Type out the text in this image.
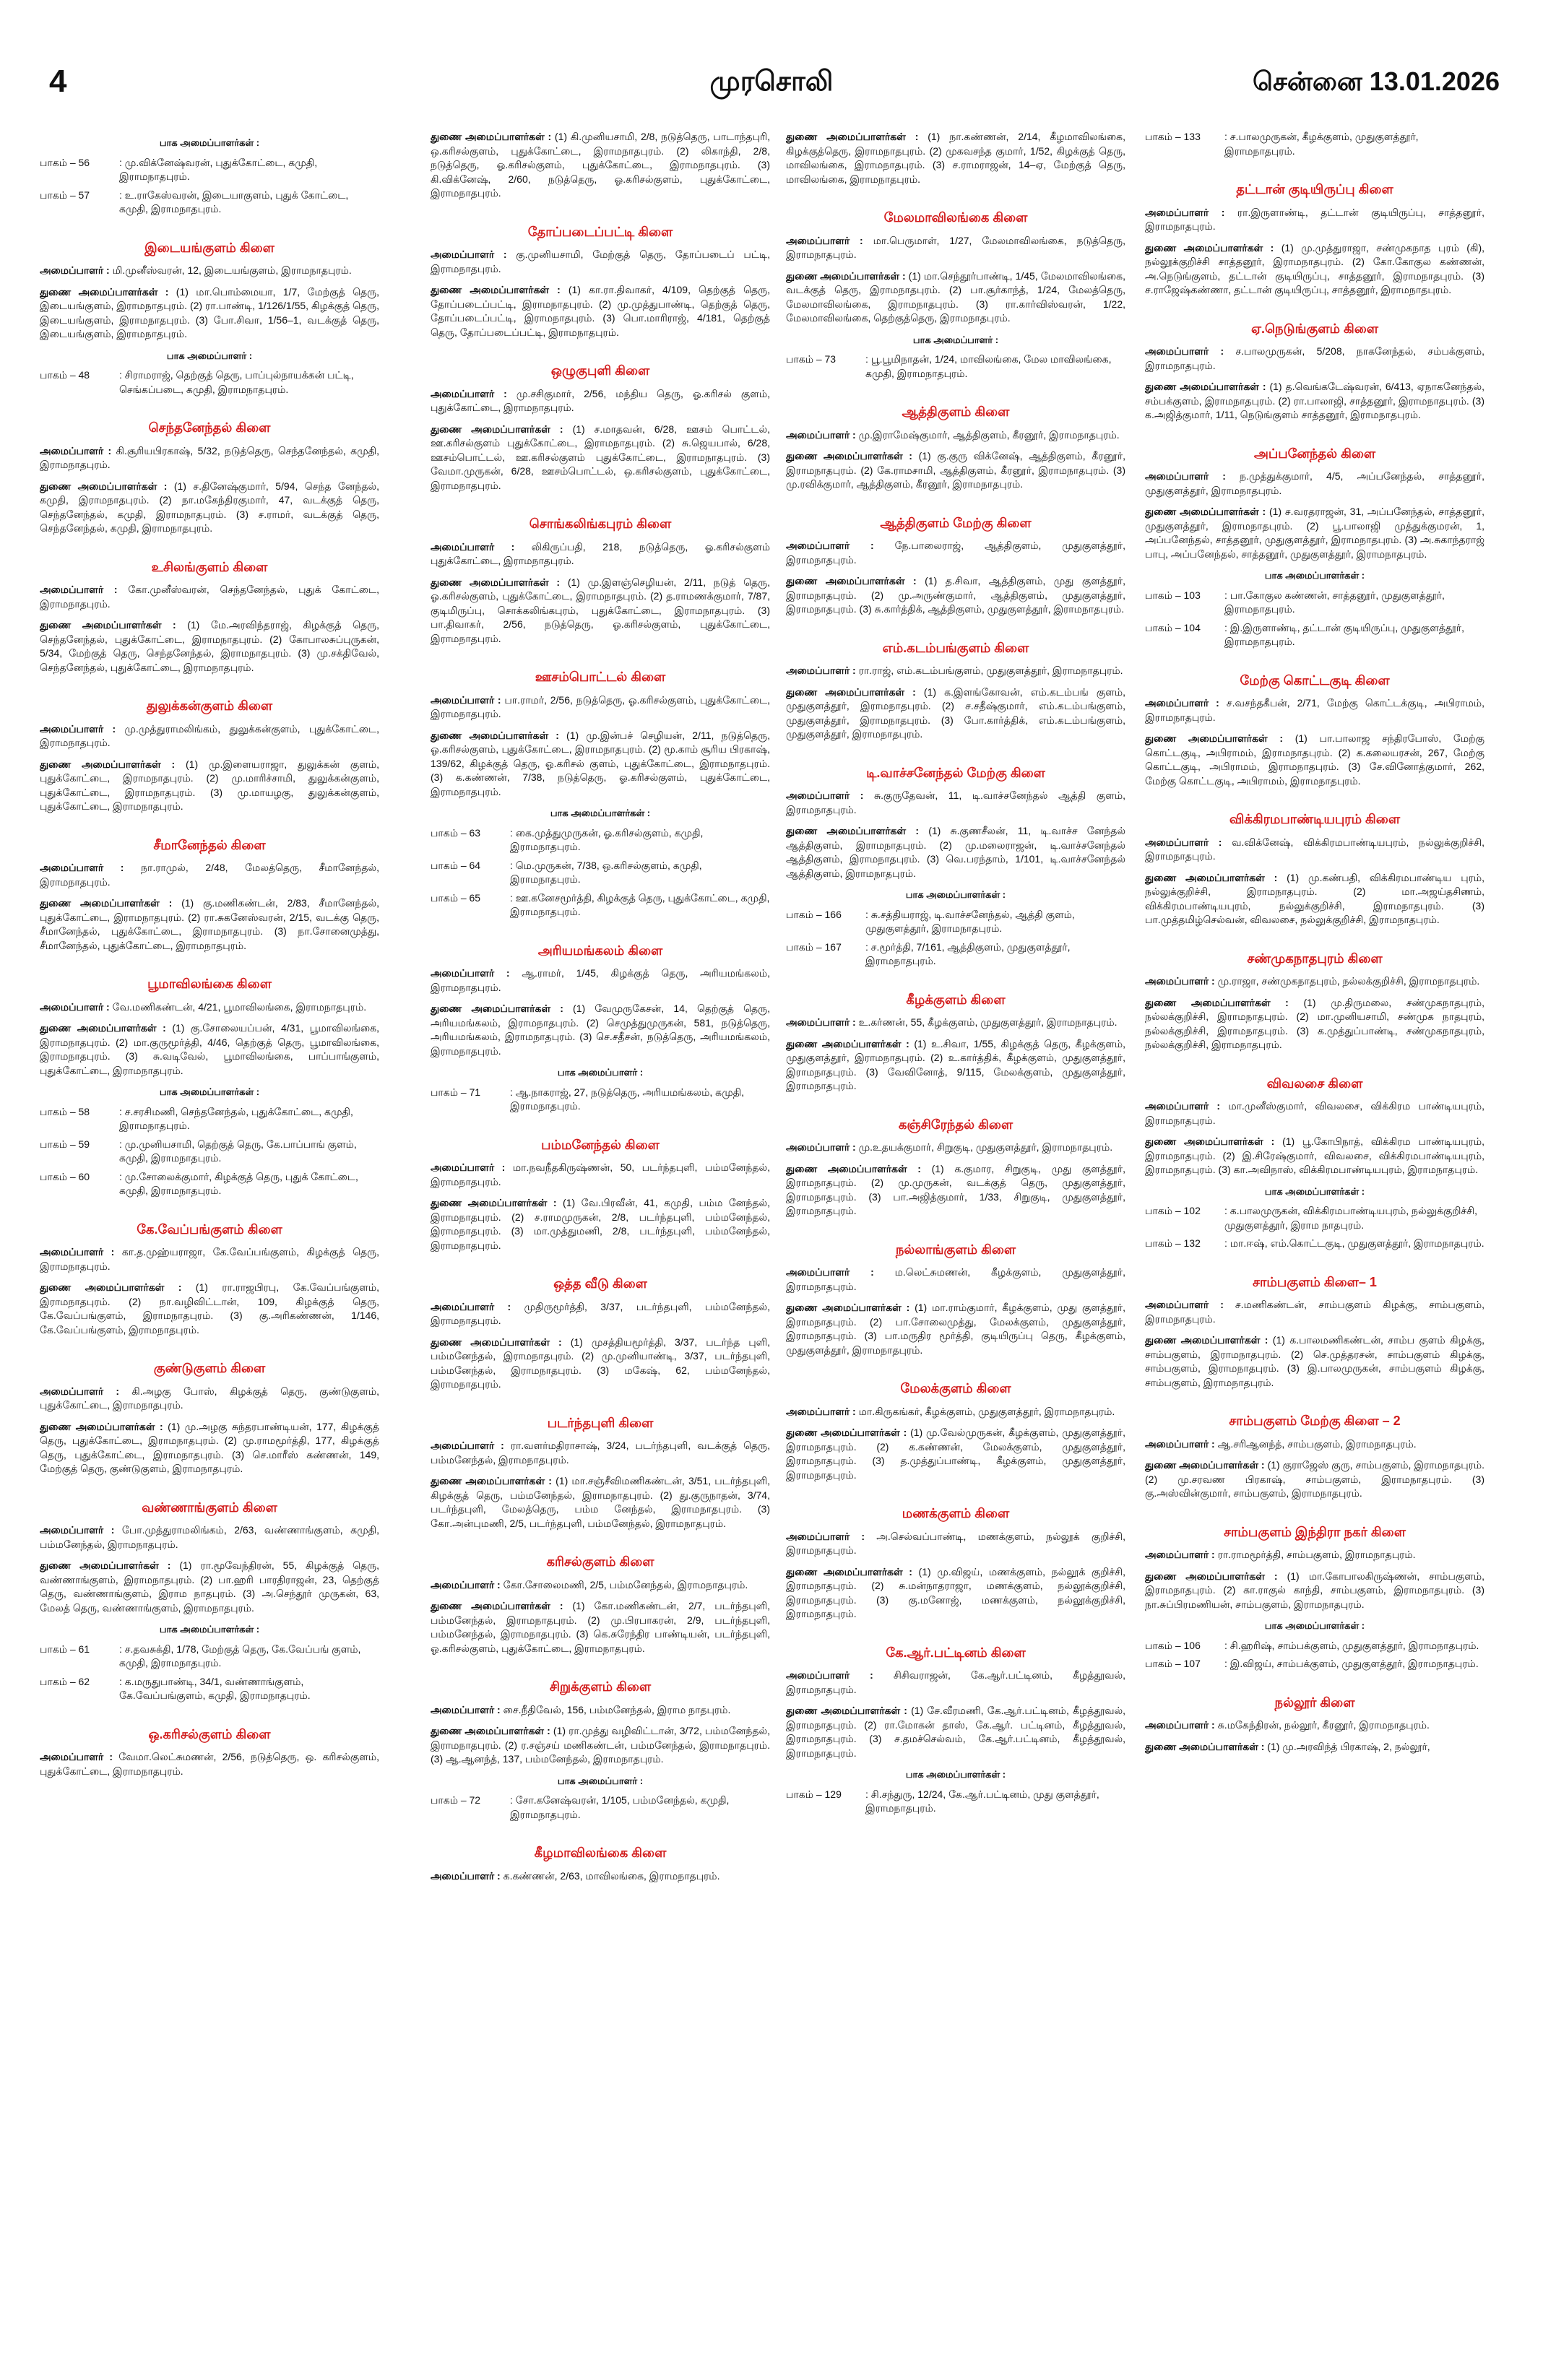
4	முரசொலி	சென்னை 13.01.2026
பாக அமைப்பாளர்கள் :
பாகம் – 56	: மு.விக்னேஷ்வரன், புதுக்கோட்டை, கமுதி, இராமநாதபுரம்.
பாகம் – 57	: உ.ராகேஸ்வரன், இடையாகுளம், புதுக் கோட்டை, கமுதி, இராமநாதபுரம்.
இடையங்குளம் கிளை

அமைப்பாளர் : மி.முனீஸ்வரன், 12, இடையங்குளம், இராமநாதபுரம்.

துணை அமைப்பாளர்கள் : (1) மா.பொம்மையா, 1/7, மேற்குத் தெரு, இடையங்குளம், இராமநாதபுரம். (2) ரா.பாண்டி, 1/126/1/55, கிழக்குத் தெரு, இடையங்குளம், இராமநாதபுரம். (3) போ.சிவா, 1/56–1, வடக்குத் தெரு, இடையங்குளம், இராமநாதபுரம்.

பாக அமைப்பாளர் :
பாகம் – 48	: சிராமராஜ், தெற்குத் தெரு, பாப்புல்நாயக்கன் பட்டி, செங்கப்படை, கமுதி, இராமநாதபுரம்.
செந்தனேந்தல் கிளை

அமைப்பாளர் : கி.சூரியபிரகாஷ், 5/32, நடுத்தெரு, செந்தனேந்தல், கமுதி, இராமநாதபுரம்.

துணை அமைப்பாளர்கள் : (1) ச.தினேஷ்குமார், 5/94, செந்த னேந்தல், கமுதி, இராமநாதபுரம். (2) நா.மகேந்திரகுமார், 47, வடக்குத் தெரு, செந்தனேந்தல், கமுதி, இராமநாதபுரம். (3) ச.ராமர், வடக்குத் தெரு, செந்தனேந்தல், கமுதி, இராமநாதபுரம்.

உசிலங்குளம் கிளை

அமைப்பாளர் : கோ.முனீஸ்வரன், செந்தனேந்தல், புதுக் கோட்டை, இராமநாதபுரம்.

துணை அமைப்பாளர்கள் : (1) மே.அரவிந்தராஜ், கிழக்குத் தெரு, செந்தனேந்தல், புதுக்கோட்டை, இராமநாதபுரம். (2) கோபாலசுப்புருகன், 5/34, மேற்குத் தெரு, செந்தனேந்தல், இராமநாதபுரம். (3) மு.சக்திவேல், செந்தனேந்தல், புதுக்கோட்டை, இராமநாதபுரம்.

துலுக்கன்குளம் கிளை

அமைப்பாளர் : மு.முத்துராமலிங்கம், துலுக்கன்குளம், புதுக்கோட்டை, இராமநாதபுரம்.

துணை அமைப்பாளர்கள் : (1) மு.இளையராஜா, துலுக்கன் குளம், புதுக்கோட்டை, இராமநாதபுரம். (2) மு.மாரிச்சாமி, துலுக்கன்குளம், புதுக்கோட்டை, இராமநாதபுரம். (3) மு.மாயழகு, துலுக்கன்குளம், புதுக்கோட்டை, இராமநாதபுரம்.

சீமானேந்தல் கிளை

அமைப்பாளர் : நா.ராமுல், 2/48, மேலத்தெரு, சீமானேந்தல், இராமநாதபுரம்.

துணை அமைப்பாளர்கள் : (1) கு.மணிகண்டன், 2/83, சீமானேந்தல், புதுக்கோட்டை, இராமநாதபுரம். (2) ரா.சுகனேஸ்வரன், 2/15, வடக்கு தெரு, சீமானேந்தல், புதுக்கோட்டை, இராமநாதபுரம். (3) நா.சோனைமுத்து, சீமானேந்தல், புதுக்கோட்டை, இராமநாதபுரம்.

பூமாவிலங்கை கிளை

அமைப்பாளர் : வே.மணிகண்டன், 4/21, பூமாவிலங்கை, இராமநாதபுரம்.

துணை அமைப்பாளர்கள் : (1) கு.சோலையப்பன், 4/31, பூமாவிலங்கை, இராமநாதபுரம். (2) மா.குருமூர்த்தி, 4/46, தெற்குத் தெரு, பூமாவிலங்கை, இராமநாதபுரம். (3) சு.வடிவேல், பூமாவிலங்கை, பாப்பாங்குளம், புதுக்கோட்டை, இராமநாதபுரம்.

பாக அமைப்பாளர்கள் :
பாகம் – 58	: ச.சரசிமணி, செந்தனேந்தல், புதுக்கோட்டை, கமுதி, இராமநாதபுரம்.
பாகம் – 59	: மு.முனியசாமி, தெற்குத் தெரு, கே.பாப்பாங் குளம், கமுதி, இராமநாதபுரம்.
பாகம் – 60	: மு.சோலைக்குமார், கிழக்குத் தெரு, புதுக் கோட்டை, கமுதி, இராமநாதபுரம்.
கே.வேப்பங்குளம் கிளை

அமைப்பாளர் : கா.த.முஹ்யராஜா, கே.வேப்பங்குளம், கிழக்குத் தெரு, இராமநாதபுரம்.

துணை அமைப்பாளர்கள் : (1) ரா.ராஜபிரபு, கே.வேப்பங்குளம், இராமநாதபுரம். (2) நா.வழிவிட்டான், 109, கிழக்குத் தெரு, கே.வேப்பங்குளம், இராமநாதபுரம். (3) கு.அரிகண்ணன், 1/146, கே.வேப்பங்குளம், இராமநாதபுரம்.

குண்டுகுளம் கிளை

அமைப்பாளர் : கி.அழகு போஸ், கிழக்குத் தெரு, குண்டுகுளம், புதுக்கோட்டை, இராமநாதபுரம்.

துணை அமைப்பாளர்கள் : (1) மு.அழகு சுந்தரபாண்டியன், 177, கிழக்குத் தெரு, புதுக்கோட்டை, இராமநாதபுரம். (2) மு.ராமமூர்த்தி, 177, கிழக்குத் தெரு, புதுக்கோட்டை, இராமநாதபுரம். (3) செ.மாரீஸ் கண்ணன், 149, மேற்குத் தெரு, குண்டுகுளம், இராமநாதபுரம்.

வண்ணாங்குளம் கிளை

அமைப்பாளர் : போ.முத்துராமலிங்கம், 2/63, வண்ணாங்குளம், கமுதி, பம்மனேந்தல், இராமநாதபுரம்.

துணை அமைப்பாளர்கள் : (1) ரா.மூவேந்திரன், 55, கிழக்குத் தெரு, வண்ணாங்குளம், இராமநாதபுரம். (2) பா.ஹரி பாரதிராஜன், 23, தெற்குத் தெரு, வண்ணாங்குளம், இராம நாதபுரம். (3) அ.செந்தூர் முருகன், 63, மேலத் தெரு, வண்ணாங்குளம், இராமநாதபுரம்.

பாக அமைப்பாளர்கள் :
பாகம் – 61	: ச.தவசுக்தி, 1/78, மேற்குத் தெரு, கே.வேப்பங் குளம், கமுதி, இராமநாதபுரம்.
பாகம் – 62	: க.மருதுபாண்டி, 34/1, வண்ணாங்குளம், கே.வேப்பங்குளம், கமுதி, இராமநாதபுரம்.
ஒ.கரிசல்குளம் கிளை

அமைப்பாளர் : வேமா.லெட்சுமணன், 2/56, நடுத்தெரு, ஒ. கரிசல்குளம், புதுக்கோட்டை, இராமநாதபுரம்.

துணை அமைப்பாளர்கள் : (1) கி.முனியசாமி, 2/8, நடுத்தெரு, பாடாந்தபுரி, ஒ.கரிசல்குளம், புதுக்கோட்டை, இராமநாதபுரம். (2) லிகாந்தி, 2/8, நடுத்தெரு, ஓ.கரிசல்குளம், புதுக்கோட்டை, இராமநாதபுரம். (3) கி.விக்னேஷ், 2/60, நடுத்தெரு, ஓ.கரிசல்குளம், புதுக்கோட்டை, இராமநாதபுரம்.

தோப்படைப்பட்டி கிளை

அமைப்பாளர் : கு.முனியசாமி, மேற்குத் தெரு, தோப்படைப் பட்டி, இராமநாதபுரம்.

துணை அமைப்பாளர்கள் : (1) கா.ரா.திவாகர், 4/109, தெற்குத் தெரு, தோப்படைப்பட்டி, இராமநாதபுரம். (2) மு.முத்துபாண்டி, தெற்குத் தெரு, தோப்படைப்பட்டி, இராமநாதபுரம். (3) பொ.மாரிராஜ், 4/181, தெற்குத் தெரு, தோப்படைப்பட்டி, இராமநாதபுரம்.

ஒழுகுபுளி கிளை

அமைப்பாளர் : மு.சசிகுமார், 2/56, மந்திய தெரு, ஓ.கரிசல் குளம், புதுக்கோட்டை, இராமநாதபுரம்.

துணை அமைப்பாளர்கள் : (1) ச.மாதவன், 6/28, ஊசம் பொட்டல், ஊ.கரிசல்குளம் புதுக்கோட்டை, இராமநாதபுரம். (2) சு.ஜெயபால், 6/28, ஊசம்பொட்டல், ஊ.கரிசல்குளம் புதுக்கோட்டை, இராமநாதபுரம். (3) வேமா.முருகன், 6/28, ஊசம்பொட்டல், ஒ.கரிசல்குளம், புதுக்கோட்டை, இராமநாதபுரம்.

சொங்கலிங்கபுரம் கிளை

அமைப்பாளர் : லிகிருப்பதி, 218, நடுத்தெரு, ஓ.கரிசல்குளம் புதுக்கோட்டை, இராமநாதபுரம்.

துணை அமைப்பாளர்கள் : (1) மு.இளஞ்செழியன், 2/11, நடுத் தெரு, ஓ.கரிசல்குளம், புதுக்கோட்டை, இராமநாதபுரம். (2) த.ராமணக்குமார், 7/87, குடிமிருப்பு, சொக்கலிங்கபுரம், புதுக்கோட்டை, இராமநாதபுரம். (3) பா.திவாகர், 2/56, நடுத்தெரு, ஓ.கரிசல்குளம், புதுக்கோட்டை, இராமநாதபுரம்.

ஊசம்பொட்டல் கிளை

அமைப்பாளர் : பா.ராமர், 2/56, நடுத்தெரு, ஓ.கரிசல்குளம், புதுக்கோட்டை, இராமநாதபுரம்.

துணை அமைப்பாளர்கள் : (1) மு.இன்பச் செழியன், 2/11, நடுத்தெரு, ஓ.கரிசல்குளம், புதுக்கோட்டை, இராமநாதபுரம். (2) மூ.காம் சூரிய பிரகாஷ், 139/62, கிழக்குத் தெரு, ஓ.கரிசல் குளம், புதுக்கோட்டை, இராமநாதபுரம். (3) க.கண்ணன், 7/38, நடுத்தெரு, ஓ.கரிசல்குளம், புதுக்கோட்டை, இராமநாதபுரம்.

பாக அமைப்பாளர்கள் :
பாகம் – 63	: கை.முத்துமுருகன், ஓ.கரிசல்குளம், கமுதி, இராமநாதபுரம்.
பாகம் – 64	: மெ.முருகன், 7/38, ஒ.கரிசல்குளம், கமுதி, இராமநாதபுரம்.
பாகம் – 65	: ஊ.கனேசமூர்த்தி, கிழக்குத் தெரு, புதுக்கோட்டை, கமுதி, இராமநாதபுரம்.
அரியமங்கலம் கிளை

அமைப்பாளர் : ஆ.ராமர், 1/45, கிழக்குத் தெரு, அரியமங்கலம், இராமநாதபுரம்.

துணை அமைப்பாளர்கள் : (1) வேமுருகேசன், 14, தெற்குத் தெரு, அரியமங்கலம், இராமநாதபுரம். (2) செமுத்துமுருகன், 581, நடுத்தெரு, அரியமங்கலம், இராமநாதபுரம். (3) செ.சதீசன், நடுத்தெரு, அரியமங்கலம், இராமநாதபுரம்.

பாக அமைப்பாளர் :
பாகம் – 71	: ஆ.நாகராஜ், 27, நடுத்தெரு, அரியமங்கலம், கமுதி, இராமநாதபுரம்.
பம்மனேந்தல் கிளை

அமைப்பாளர் : மா.நவநீதகிருஷ்ணன், 50, படர்ந்தபுளி, பம்மனேந்தல், இராமநாதபுரம்.

துணை அமைப்பாளர்கள் : (1) வே.பிரவீன், 41, கமுதி, பம்ம னேந்தல், இராமநாதபுரம். (2) ச.ராமமுருகன், 2/8, படர்ந்தபுளி, பம்மனேந்தல், இராமநாதபுரம். (3) மா.முத்துமணி, 2/8, படர்ந்தபுளி, பம்மனேந்தல், இராமநாதபுரம்.

ஒத்த வீடு கிளை

அமைப்பாளர் : முதிருமூர்த்தி, 3/37, படர்ந்தபுளி, பம்மனேந்தல், இராமநாதபுரம்.

துணை அமைப்பாளர்கள் : (1) முசத்தியமூர்த்தி, 3/37, படர்ந்த புளி, பம்மனேந்தல், இராமநாதபுரம். (2) மு.முனியாண்டி, 3/37, படர்ந்தபுளி, பம்மனேந்தல், இராமநாதபுரம். (3) மகேஷ், 62, பம்மனேந்தல், இராமநாதபுரம்.

படர்ந்தபுளி கிளை

அமைப்பாளர் : ரா.வளர்மதிராசாஷ், 3/24, படர்ந்தபுளி, வடக்குத் தெரு, பம்மனேந்தல், இராமநாதபுரம்.

துணை அமைப்பாளர்கள் : (1) மா.சஞ்சீவிமணிகண்டன், 3/51, படர்ந்தபுளி, கிழக்குத் தெரு, பம்மனேந்தல், இராமநாதபுரம். (2) து.குருநாதன், 3/74, படர்ந்தபுளி, மேலத்தெரு, பம்ம னேந்தல், இராமநாதபுரம். (3) கோ.அன்புமணி, 2/5, படர்ந்தபுளி, பம்மனேந்தல், இராமநாதபுரம்.

கரிசல்குளம் கிளை

அமைப்பாளர் : கோ.சோலைமணி, 2/5, பம்மனேந்தல், இராமநாதபுரம்.

துணை அமைப்பாளர்கள் : (1) கோ.மணிகண்டன், 2/7, படர்ந்தபுளி, பம்மனேந்தல், இராமநாதபுரம். (2) மு.பிரபாகரன், 2/9, படர்ந்தபுளி, பம்மனேந்தல், இராமநாதபுரம். (3) கெ.சுரேந்திர பாண்டியன், படர்ந்தபுளி, ஓ.கரிசல்குளம், புதுக்கோட்டை, இராமநாதபுரம்.

சிறுக்குளம் கிளை

அமைப்பாளர் : சை.நீதிவேல், 156, பம்மனேந்தல், இராம நாதபுரம்.

துணை அமைப்பாளர்கள் : (1) ரா.முத்து வழிவிட்டான், 3/72, பம்மனேந்தல், இராமநாதபுரம். (2) ர.சஞ்சய் மணிகண்டன், பம்மனேந்தல், இராமநாதபுரம். (3) ஆ.ஆனந்த், 137, பம்மனேந்தல், இராமநாதபுரம்.

பாக அமைப்பாளர் :
பாகம் – 72	: சோ.கனேஷ்வரன், 1/105, பம்மனேந்தல், கமுதி, இராமநாதபுரம்.
கீழமாவிலங்கை கிளை

அமைப்பாளர் : க.கண்ணன், 2/63, மாவிலங்கை, இராமநாதபுரம்.

துணை அமைப்பாளர்கள் : (1) நா.கண்ணன், 2/14, கீழமாவிலங்கை, கிழக்குத்தெரு, இராமநாதபுரம். (2) முகவசந்த குமார், 1/52, கிழக்குத் தெரு, மாவிலங்கை, இராமநாதபுரம். (3) ச.ராமராஜன், 14–ஏ, மேற்குத் தெரு, மாவிலங்கை, இராமநாதபுரம்.

மேலமாவிலங்கை கிளை

அமைப்பாளர் : மா.பெருமாள், 1/27, மேலமாவிலங்கை, நடுத்தெரு, இராமநாதபுரம்.

துணை அமைப்பாளர்கள் : (1) மா.செந்தூர்பாண்டி, 1/45, மேலமாவிலங்கை, வடக்குத் தெரு, இராமநாதபுரம். (2) பா.சூர்காந்த், 1/24, மேலத்தெரு, மேலமாவிலங்கை, இராமநாதபுரம். (3) ரா.கார்விஸ்வரன், 1/22, மேலமாவிலங்கை, தெற்குத்தெரு, இராமநாதபுரம்.

பாக அமைப்பாளர் :
பாகம் – 73	: பூ.பூமிநாதன், 1/24, மாவிலங்கை, மேல மாவிலங்கை, கமுதி, இராமநாதபுரம்.
ஆத்திகுளம் கிளை

அமைப்பாளர் : மு.இராமேஷ்குமார், ஆத்திகுளம், கீரனூர், இராமநாதபுரம்.

துணை அமைப்பாளர்கள் : (1) கு.குரு விக்னேஷ், ஆத்திகுளம், கீரனூர், இராமநாதபுரம். (2) கே.ராமசாமி, ஆத்திகுளம், கீரனூர், இராமநாதபுரம். (3) மு.ரவிக்குமார், ஆத்திகுளம், கீரனூர், இராமநாதபுரம்.

ஆத்திகுளம் மேற்கு கிளை

அமைப்பாளர் : நே.பாலைராஜ், ஆத்திகுளம், முதுகுளத்தூர், இராமநாதபுரம்.

துணை அமைப்பாளர்கள் : (1) த.சிவா, ஆத்திகுளம், முது குளத்தூர், இராமநாதபுரம். (2) மு.அருண்குமார், ஆத்திகுளம், முதுகுளத்தூர், இராமநாதபுரம். (3) சு.கார்த்திக், ஆத்திகுளம், முதுகுளத்தூர், இராமநாதபுரம்.

எம்.கடம்பங்குளம் கிளை

அமைப்பாளர் : ரா.ராஜ், எம்.கடம்பங்குளம், முதுகுளத்தூர், இராமநாதபுரம்.

துணை அமைப்பாளர்கள் : (1) க.இளங்கோவன், எம்.கடம்பங் குளம், முதுகுளத்தூர், இராமநாதபுரம். (2) ச.சதீஷ்குமார், எம்.கடம்பங்குளம், முதுகுளத்தூர், இராமநாதபுரம். (3) போ.கார்த்திக், எம்.கடம்பங்குளம், முதுகுளத்தூர், இராமநாதபுரம்.

டி.வாச்சனேந்தல் மேற்கு கிளை

அமைப்பாளர் : சு.குருதேவன், 11, டி.வாச்சனேந்தல் ஆத்தி குளம், இராமநாதபுரம்.

துணை அமைப்பாளர்கள் : (1) சு.குணசீலன், 11, டி.வாச்ச னேந்தல் ஆத்திகுளம், இராமநாதபுரம். (2) மு.மலைராஜன், டி.வாச்சனேந்தல் ஆத்திகுளம், இராமநாதபுரம். (3) வெ.பரந்தாம், 1/101, டி.வாச்சனேந்தல் ஆத்திகுளம், இராமநாதபுரம்.

பாக அமைப்பாளர்கள் :
பாகம் – 166	: சு.சத்தியராஜ், டி.வாச்சனேந்தல், ஆத்தி குளம், முதுகுளத்தூர், இராமநாதபுரம்.
பாகம் – 167	: ச.மூர்த்தி, 7/161, ஆத்திகுளம், முதுகுளத்தூர், இராமநாதபுரம்.
கீழக்குளம் கிளை

அமைப்பாளர் : உ.கர்ணன், 55, கீழக்குளம், முதுகுளத்தூர், இராமநாதபுரம்.

துணை அமைப்பாளர்கள் : (1) உ.சிவா, 1/55, கிழக்குத் தெரு, கீழக்குளம், முதுகுளத்தூர், இராமநாதபுரம். (2) உ.கார்த்திக், கீழக்குளம், முதுகுளத்தூர், இராமநாதபுரம். (3) வேவினோத், 9/115, மேலக்குளம், முதுகுளத்தூர், இராமநாதபுரம்.

கஞ்சிரேந்தல் கிளை

அமைப்பாளர் : மு.உதயக்குமார், சிறுகுடி, முதுகுளத்தூர், இராமநாதபுரம்.

துணை அமைப்பாளர்கள் : (1) க.குமார, சிறுகுடி, முது குளத்தூர், இராமநாதபுரம். (2) மு.முருகன், வடக்குத் தெரு, முதுகுளத்தூர், இராமநாதபுரம். (3) பா.அஜித்குமார், 1/33, சிறுகுடி, முதுகுளத்தூர், இராமநாதபுரம்.

நல்லாங்குளம் கிளை

அமைப்பாளர் : ம.லெட்சுமணன், கீழக்குளம், முதுகுளத்தூர், இராமநாதபுரம்.

துணை அமைப்பாளர்கள் : (1) மா.ராம்குமார், கீழக்குளம், முது குளத்தூர், இராமநாதபுரம். (2) பா.சோலைமுத்து, மேலக்குளம், முதுகுளத்தூர், இராமநாதபுரம். (3) பா.மருதிர மூர்த்தி, குடியிருப்பு தெரு, கீழக்குளம், முதுகுளத்தூர், இராமநாதபுரம்.

மேலக்குளம் கிளை

அமைப்பாளர் : மா.கிருகங்கர், கீழக்குளம், முதுகுளத்தூர், இராமநாதபுரம்.

துணை அமைப்பாளர்கள் : (1) மு.வேல்முருகன், கீழக்குளம், முதுகுளத்தூர், இராமநாதபுரம். (2) க.கண்ணன், மேலக்குளம், முதுகுளத்தூர், இராமநாதபுரம். (3) த.முத்துப்பாண்டி, கீழக்குளம், முதுகுளத்தூர், இராமநாதபுரம்.

மணக்குளம் கிளை

அமைப்பாளர் : அ.செல்வப்பாண்டி, மணக்குளம், நல்லூக் குறிச்சி, இராமநாதபுரம்.

துணை அமைப்பாளர்கள் : (1) மு.விஜய், மணக்குளம், நல்லூக் குறிச்சி, இராமநாதபுரம். (2) சு.மன்நாதராஜா, மணக்குளம், நல்லூக்குறிச்சி, இராமநாதபுரம். (3) கு.மனோஜ், மணக்குளம், நல்லூக்குறிச்சி, இராமநாதபுரம்.

கே.ஆர்.பட்டினம் கிளை

அமைப்பாளர் : சிசிவராஜன், கே.ஆர்.பட்டினம், கீழத்தூவல், இராமநாதபுரம்.

துணை அமைப்பாளர்கள் : (1) சே.வீரமணி, கே.ஆர்.பட்டினம், கீழத்தூவல், இராமநாதபுரம். (2) ரா.மோகன் தாஸ், கே.ஆர். பட்டினம், கீழத்தூவல், இராமநாதபுரம். (3) ச.தமச்செல்வம், கே.ஆர்.பட்டினம், கீழத்தூவல், இராமநாதபுரம்.

பாக அமைப்பாளர்கள் :
பாகம் – 129	: சி.சந்துரு, 12/24, கே.ஆர்.பட்டினம், முது குளத்தூர், இராமநாதபுரம்.
பாகம் – 133	: ச.பாலமுருகன், கீழக்குளம், முதுகுளத்தூர், இராமநாதபுரம்.
தட்டான் குடியிருப்பு கிளை

அமைப்பாளர் : ரா.இருளாண்டி, தட்டான் குடியிருப்பு, சாத்தனூர், இராமநாதபுரம்.

துணை அமைப்பாளர்கள் : (1) மு.முத்துராஜா, சண்முகநாத புரம் (கி), நல்லூக்குறிச்சி சாத்தனூர், இராமநாதபுரம். (2) கோ.கோகுல கண்ணன், அ.நெடுங்குளம், தட்டான் குடியிருப்பு, சாத்தனூர், இராமநாதபுரம். (3) ச.ராஜேஷ்கண்ணா, தட்டான் குடியிருப்பு, சாத்தனூர், இராமநாதபுரம்.

ஏ.நெடுங்குளம் கிளை

அமைப்பாளர் : ச.பாலமுருகன், 5/208, நாகனேந்தல், சம்பக்குளம், இராமநாதபுரம்.

துணை அமைப்பாளர்கள் : (1) த.வெங்கடேஷ்வரன், 6/413, ஏநாகனேந்தல், சம்பக்குளம், இராமநாதபுரம். (2) ரா.பாலாஜி, சாத்தனூர், இராமநாதபுரம். (3) க.அஜித்குமார், 1/11, நெடுங்குளம் சாத்தனூர், இராமநாதபுரம்.

அப்பனேந்தல் கிளை

அமைப்பாளர் : ந.முத்துக்குமார், 4/5, அப்பனேந்தல், சாத்தனூர், முதுகுளத்தூர், இராமநாதபுரம்.

துணை அமைப்பாளர்கள் : (1) ச.வரதராஜன், 31, அப்பனேந்தல், சாத்தனூர், முதுகுளத்தூர், இராமநாதபுரம். (2) பூ.பாலாஜி முத்துக்குமரன், 1, அப்பனேந்தல், சாத்தனூர், முதுகுளத்தூர், இராமநாதபுரம். (3) அ.சுகாந்தராஜ் பாபு, அப்பனேந்தல், சாத்தனூர், முதுகுளத்தூர், இராமநாதபுரம்.

பாக அமைப்பாளர்கள் :
பாகம் – 103	: பா.கோகுல கண்ணன், சாத்தனூர், முதுகுளத்தூர், இராமநாதபுரம்.
பாகம் – 104	: இ.இருளாண்டி, தட்டான் குடியிருப்பு, முதுகுளத்தூர், இராமநாதபுரம்.
மேற்கு கொட்டகுடி கிளை

அமைப்பாளர் : ச.வசந்தகீபன், 2/71, மேற்கு கொட்டக்குடி, அபிராமம், இராமநாதபுரம்.

துணை அமைப்பாளர்கள் : (1) பா.பாலாஜ சந்திரபோஸ், மேற்கு கொட்டகுடி, அபிராமம், இராமநாதபுரம். (2) க.கலையரசன், 267, மேற்கு கொட்டகுடி, அபிராமம், இராமநாதபுரம். (3) சே.வினோத்குமார், 262, மேற்கு கொட்டகுடி, அபிராமம், இராமநாதபுரம்.

விக்கிரமபாண்டியபுரம் கிளை

அமைப்பாளர் : வ.விக்னேஷ், விக்கிரமபாண்டியபுரம், நல்லுக்குறிச்சி, இராமநாதபுரம்.

துணை அமைப்பாளர்கள் : (1) மு.கண்பதி, விக்கிரமபாண்டிய புரம், நல்லுக்குறிச்சி, இராமநாதபுரம். (2) மா.அஜய்தசிணம், விக்கிரமபாண்டியபுரம், நல்லுக்குறிச்சி, இராமநாதபுரம். (3) பா.முத்தமிழ்செல்வன், விவலசை, நல்லுக்குறிச்சி, இராமநாதபுரம்.

சண்முகநாதபுரம் கிளை

அமைப்பாளர் : மு.ராஜா, சண்முகநாதபுரம், நல்லக்குறிச்சி, இராமநாதபுரம்.

துணை அமைப்பாளர்கள் : (1) மு.திருமலை, சண்முகநாதபுரம், நல்லக்குறிச்சி, இராமநாதபுரம். (2) மா.முனியசாமி, சண்முக நாதபுரம், நல்லக்குறிச்சி, இராமநாதபுரம். (3) க.முத்துப்பாண்டி, சண்முகநாதபுரம், நல்லக்குறிச்சி, இராமநாதபுரம்.

விவலசை கிளை

அமைப்பாளர் : மா.முனீஸ்குமார், விவலசை, விக்கிரம பாண்டியபுரம், இராமநாதபுரம்.

துணை அமைப்பாளர்கள் : (1) பூ.கோபிநாத், விக்கிரம பாண்டியபுரம், இராமநாதபுரம். (2) இ.சிரேஷ்குமார், விவலசை, விக்கிரமபாண்டியபுரம், இராமநாதபுரம். (3) கா.அவிநாஸ், விக்கிரமபாண்டியபுரம், இராமநாதபுரம்.

பாக அமைப்பாளர்கள் :
பாகம் – 102	: க.பாலமுருகன், விக்கிரமபாண்டியபுரம், நல்லுக்குறிச்சி, முதுகுளத்தூர், இராம நாதபுரம்.
பாகம் – 132	: மா.ஈஷ், எம்.கொட்டகுடி, முதுகுளத்தூர், இராமநாதபுரம்.
சாம்பகுளம் கிளை– 1

அமைப்பாளர் : ச.மணிகண்டன், சாம்பகுளம் கிழக்கு, சாம்பகுளம், இராமநாதபுரம்.

துணை அமைப்பாளர்கள் : (1) க.பாலமணிகண்டன், சாம்ப குளம் கிழக்கு, சாம்பகுளம், இராமநாதபுரம். (2) செ.முத்தரசன், சாம்பகுளம் கிழக்கு, சாம்பகுளம், இராமநாதபுரம். (3) இ.பாலமுருகன், சாம்பகுளம் கிழக்கு, சாம்பகுளம், இராமநாதபுரம்.

சாம்பகுளம் மேற்கு கிளை – 2

அமைப்பாளர் : ஆ.சரிஆனந்த், சாம்பகுளம், இராமநாதபுரம்.

துணை அமைப்பாளர்கள் : (1) குராஜேஸ் குரு, சாம்பகுளம், இராமநாதபுரம். (2) மு.சரவண பிரகாஷ், சாம்பகுளம், இராமநாதபுரம். (3) கு.அஸ்வின்குமார், சாம்பகுளம், இராமநாதபுரம்.

சாம்பகுளம் இந்திரா நகர் கிளை

அமைப்பாளர் : ரா.ராமமூர்த்தி, சாம்பகுளம், இராமநாதபுரம்.

துணை அமைப்பாளர்கள் : (1) மா.கோபாலகிருஷ்ணன், சாம்பகுளம், இராமநாதபுரம். (2) கா.ராகுல் காந்தி, சாம்பகுளம், இராமநாதபுரம். (3) நா.சுப்பிரமணியன், சாம்பகுளம், இராமநாதபுரம்.

பாக அமைப்பாளர்கள் :
பாகம் – 106	: சி.ஹரிஷ், சாம்பக்குளம், முதுகுளத்தூர், இராமநாதபுரம்.
பாகம் – 107	: இ.விஜய், சாம்பக்குளம், முதுகுளத்தூர், இராமநாதபுரம்.
நல்லூர் கிளை

அமைப்பாளர் : சு.மகேந்திரன், நல்லூர், கீரனூர், இராமநாதபுரம்.

துணை அமைப்பாளர்கள் : (1) மு.அரவிந்த் பிரகாஷ், 2, நல்லூர்,
